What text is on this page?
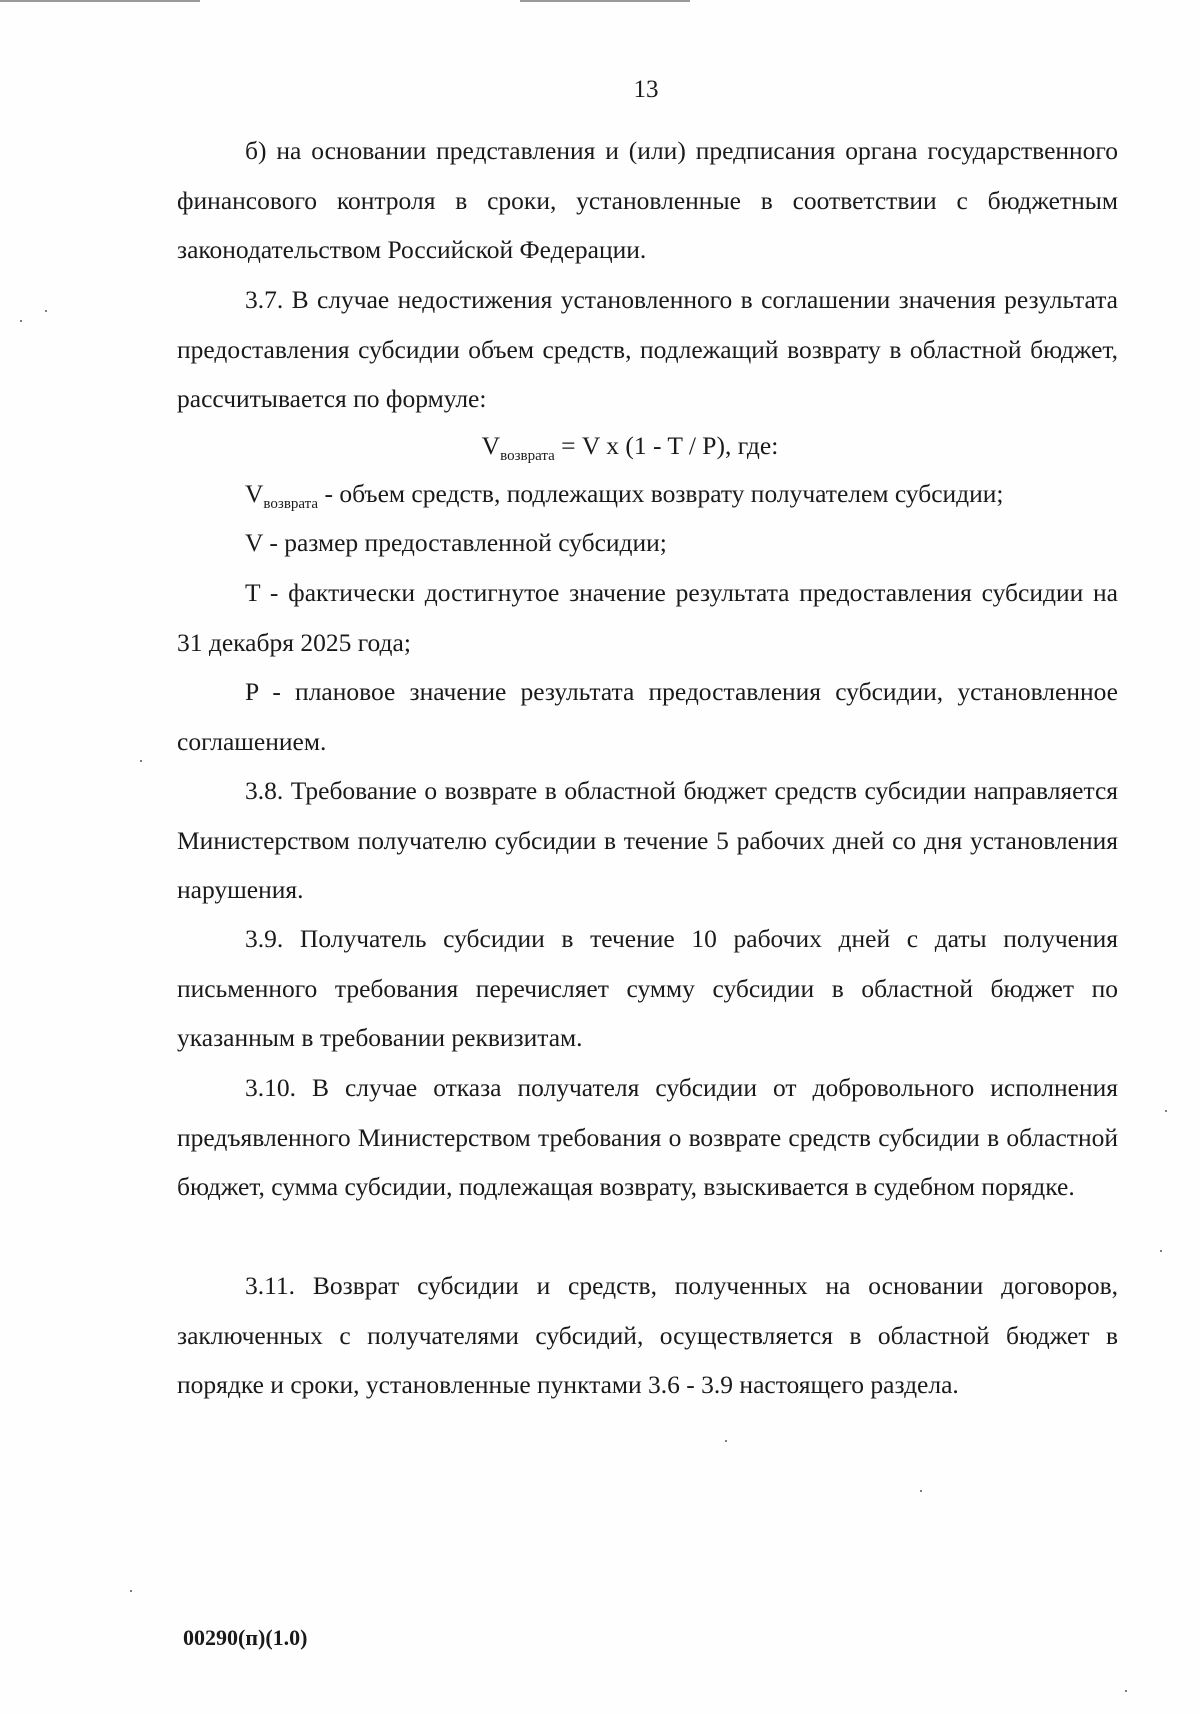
13

б) на основании представления и (или) предписания органа государственного финансового контроля в сроки, установленные в соответствии с бюджетным законодательством Российской Федерации.

3.7. В случае недостижения установленного в соглашении значения результата предоставления субсидии объем средств, подлежащий возврату в областной бюджет, рассчитывается по формуле:

$V_{возврата} = V$ x (1 - T / P), где:
$V_{возврата}$ - объем средств, подлежащих возврату получателем субсидии;
V - размер предоставленной субсидии;

T - фактически достигнутое значение результата предоставления субсидии на 31 декабря 2025 года;

P - плановое значение результата предоставления субсидии, установленное соглашением.

3.8. Требование о возврате в областной бюджет средств субсидии направляется Министерством получателю субсидии в течение 5 рабочих дней со дня установления нарушения.

3.9. Получатель субсидии в течение 10 рабочих дней с даты получения письменного требования перечисляет сумму субсидии в областной бюджет по указанным в требовании реквизитам.

3.10. В случае отказа получателя субсидии от добровольного исполнения предъявленного Министерством требования о возврате средств субсидии в областной бюджет, сумма субсидии, подлежащая возврату, взыскивается в судебном порядке.

3.11. Возврат субсидии и средств, полученных на основании договоров, заключенных с получателями субсидий, осуществляется в областной бюджет в порядке и сроки, установленные пунктами 3.6 - 3.9 настоящего раздела.

00290(п)(1.0)
